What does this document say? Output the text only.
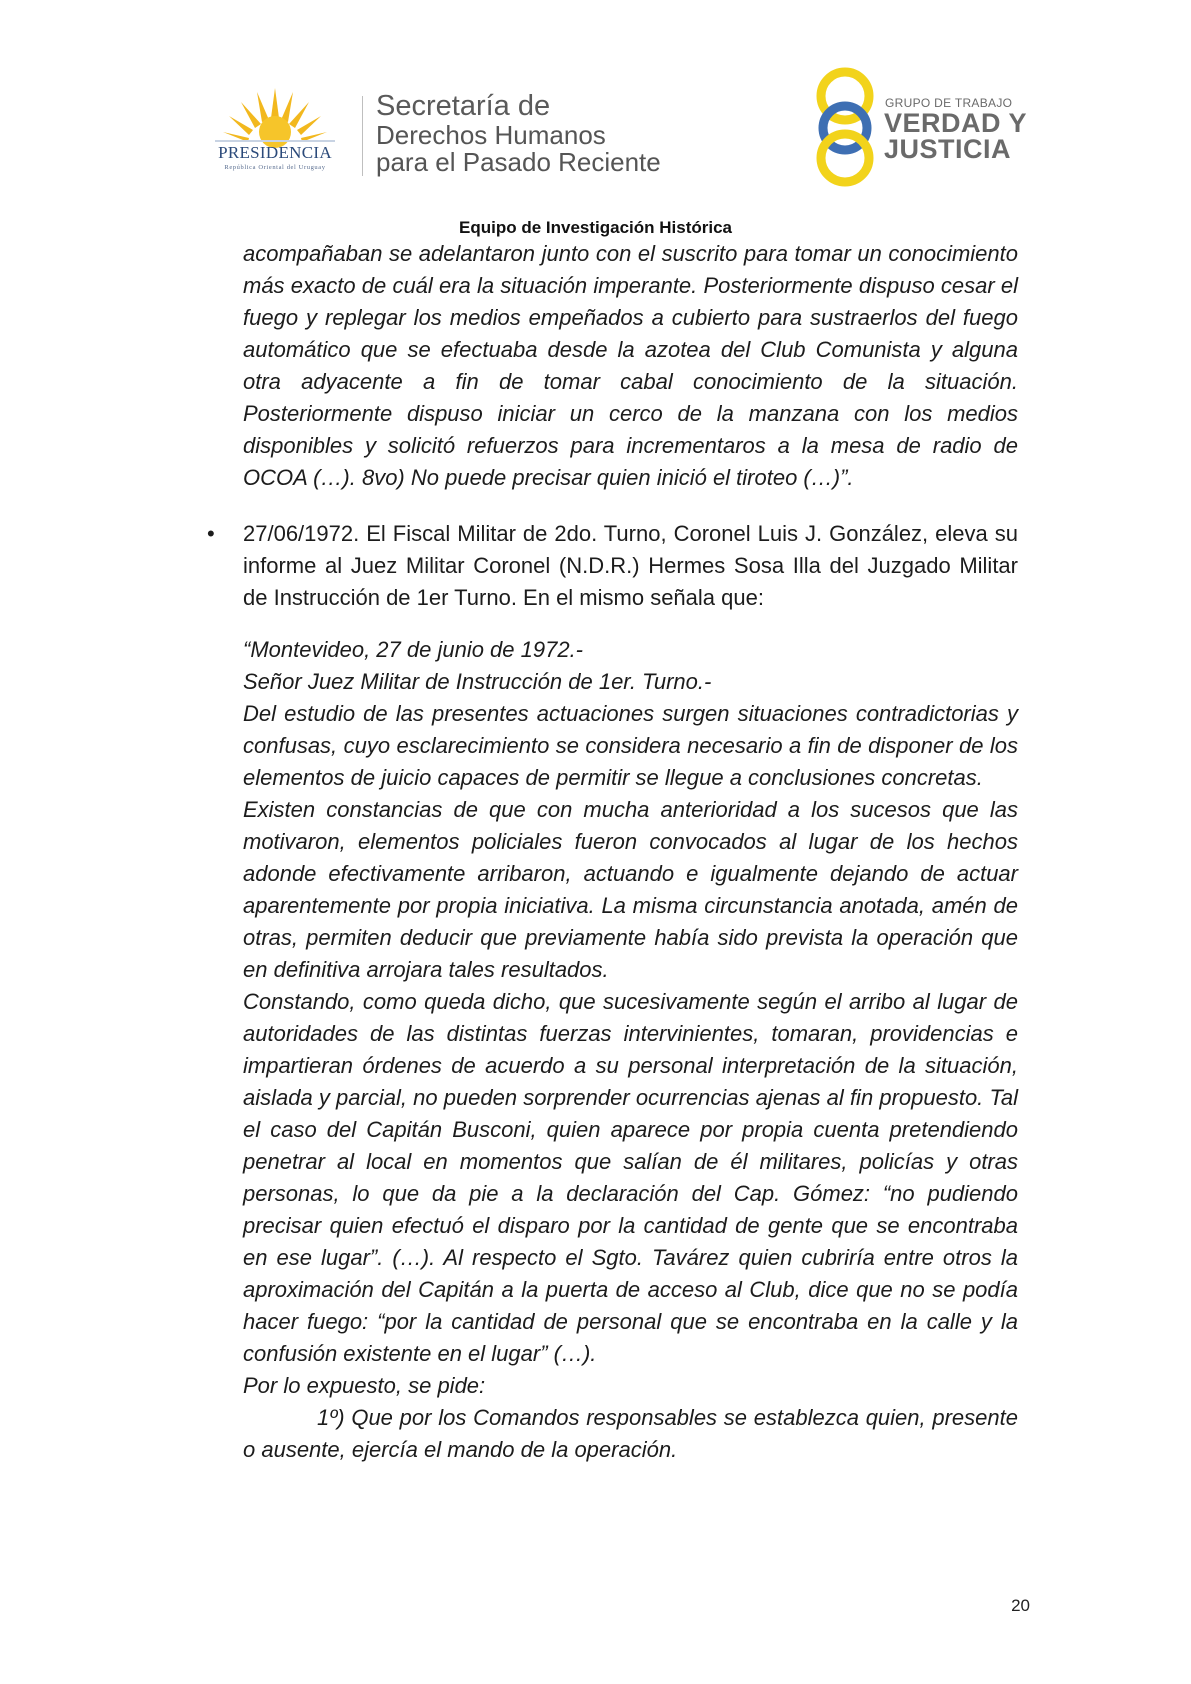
PRESIDENCIA
República Oriental del Uruguay
Secretaría de
Derechos Humanos
para el Pasado Reciente
GRUPO DE TRABAJO
VERDAD Y
JUSTICIA
Equipo de Investigación Histórica

acompañaban se adelantaron junto con el suscrito para tomar un conocimiento más exacto de cuál era la situación imperante. Posteriormente dispuso cesar el fuego y replegar los medios empeñados a cubierto para sustraerlos del fuego automático que se efectuaba desde la azotea del Club Comunista y alguna otra adyacente a fin de tomar cabal conocimiento de la situación. Posteriormente dispuso iniciar un cerco de la manzana con los medios disponibles y solicitó refuerzos para incrementaros a la mesa de radio de OCOA (…). 8vo) No puede precisar quien inició el tiroteo (…)”.

• 27/06/1972. El Fiscal Militar de 2do. Turno, Coronel Luis J. González, eleva su informe al Juez Militar Coronel (N.D.R.) Hermes Sosa Illa del Juzgado Militar de Instrucción de 1er Turno. En el mismo señala que:

“Montevideo, 27 de junio de 1972.-

Señor Juez Militar de Instrucción de 1er. Turno.-

Del estudio de las presentes actuaciones surgen situaciones contradictorias y confusas, cuyo esclarecimiento se considera necesario a fin de disponer de los elementos de juicio capaces de permitir se llegue a conclusiones concretas.

Existen constancias de que con mucha anterioridad a los sucesos que las motivaron, elementos policiales fueron convocados al lugar de los hechos adonde efectivamente arribaron, actuando e igualmente dejando de actuar aparentemente por propia iniciativa. La misma circunstancia anotada, amén de otras, permiten deducir que previamente había sido prevista la operación que en definitiva arrojara tales resultados.

Constando, como queda dicho, que sucesivamente según el arribo al lugar de autoridades de las distintas fuerzas intervinientes, tomaran, providencias e impartieran órdenes de acuerdo a su personal interpretación de la situación, aislada y parcial, no pueden sorprender ocurrencias ajenas al fin propuesto. Tal el caso del Capitán Busconi, quien aparece por propia cuenta pretendiendo penetrar al local en momentos que salían de él militares, policías y otras personas, lo que da pie a la declaración del Cap. Gómez: “no pudiendo precisar quien efectuó el disparo por la cantidad de gente que se encontraba en ese lugar”. (…). Al respecto el Sgto. Tavárez quien cubriría entre otros la aproximación del Capitán a la puerta de acceso al Club, dice que no se podía hacer fuego: “por la cantidad de personal que se encontraba en la calle y la confusión existente en el lugar” (…).

Por lo expuesto, se pide:

1º) Que por los Comandos responsables se establezca quien, presente o ausente, ejercía el mando de la operación.

20
